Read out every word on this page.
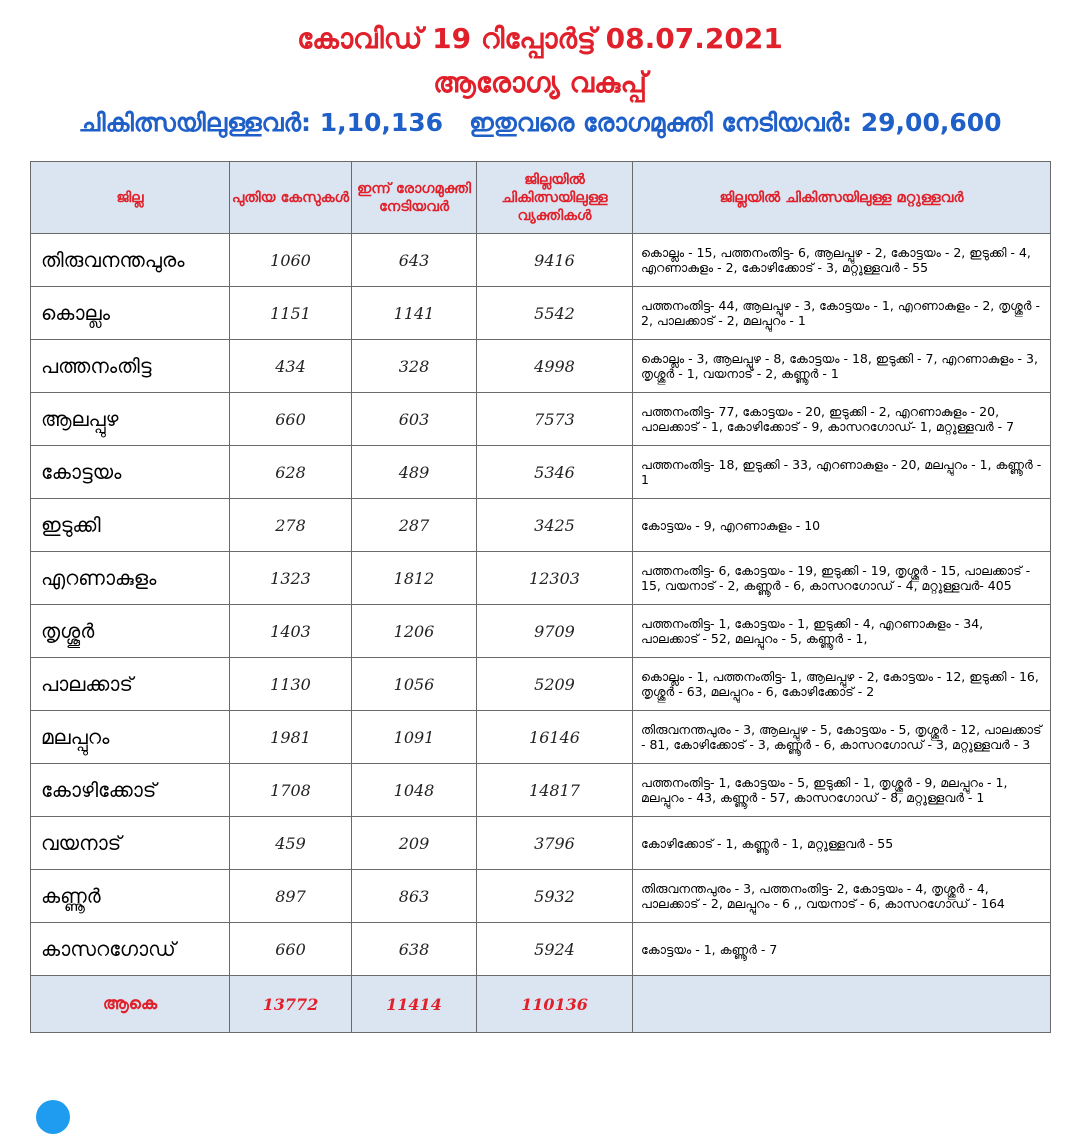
കോവിഡ് 19 റിപ്പോർട്ട് 08.07.2021
ആരോഗ്യ വകുപ്പ്
ചികിത്സയിലുള്ളവർ: 1,10,136 ഇതുവരെ രോഗമുക്തി നേടിയവർ: 29,00,600
ജില്ല	പുതിയ കേസുകൾ	ഇന്ന് രോഗമുക്തി നേടിയവർ	ജില്ലയിൽ ചികിത്സയിലുള്ള വ്യക്തികൾ	ജില്ലയിൽ ചികിത്സയിലുള്ള മറ്റുള്ളവർ
തിരുവനന്തപുരം	1060	643	9416	കൊല്ലം - 15, പത്തനംതിട്ട- 6, ആലപ്പുഴ - 2, കോട്ടയം - 2, ഇടുക്കി - 4, എറണാകുളം - 2, കോഴിക്കോട് - 3, മറ്റുള്ളവർ - 55
കൊല്ലം	1151	1141	5542	പത്തനംതിട്ട- 44, ആലപ്പുഴ - 3, കോട്ടയം - 1, എറണാകുളം - 2, തൃശ്ശൂർ - 2, പാലക്കാട് - 2, മലപ്പുറം - 1
പത്തനംതിട്ട	434	328	4998	കൊല്ലം - 3, ആലപ്പുഴ - 8, കോട്ടയം - 18, ഇടുക്കി - 7, എറണാകുളം - 3, തൃശ്ശൂർ - 1, വയനാട് - 2, കണ്ണൂർ - 1
ആലപ്പുഴ	660	603	7573	പത്തനംതിട്ട- 77, കോട്ടയം - 20, ഇടുക്കി - 2, എറണാകുളം - 20, പാലക്കാട് - 1, കോഴിക്കോട് - 9, കാസറഗോഡ്- 1, മറ്റുള്ളവർ - 7
കോട്ടയം	628	489	5346	പത്തനംതിട്ട- 18, ഇടുക്കി - 33, എറണാകുളം - 20, മലപ്പുറം - 1, കണ്ണൂർ - 1
ഇടുക്കി	278	287	3425	കോട്ടയം - 9, എറണാകുളം - 10
എറണാകുളം	1323	1812	12303	പത്തനംതിട്ട- 6, കോട്ടയം - 19, ഇടുക്കി - 19, തൃശ്ശൂർ - 15, പാലക്കാട് - 15, വയനാട് - 2, കണ്ണൂർ - 6, കാസറഗോഡ് - 4, മറ്റുള്ളവർ- 405
തൃശ്ശൂർ	1403	1206	9709	പത്തനംതിട്ട- 1, കോട്ടയം - 1, ഇടുക്കി - 4, എറണാകുളം - 34, പാലക്കാട് - 52, മലപ്പുറം - 5, കണ്ണൂർ - 1,
പാലക്കാട്	1130	1056	5209	കൊല്ലം - 1, പത്തനംതിട്ട- 1, ആലപ്പുഴ - 2, കോട്ടയം - 12, ഇടുക്കി - 16, തൃശ്ശൂർ - 63, മലപ്പുറം - 6, കോഴിക്കോട് - 2
മലപ്പുറം	1981	1091	16146	തിരുവനന്തപുരം - 3, ആലപ്പുഴ - 5, കോട്ടയം - 5, തൃശ്ശൂർ - 12, പാലക്കാട് - 81, കോഴിക്കോട് - 3, കണ്ണൂർ - 6, കാസറഗോഡ് - 3, മറ്റുള്ളവർ - 3
കോഴിക്കോട്	1708	1048	14817	പത്തനംതിട്ട- 1, കോട്ടയം - 5, ഇടുക്കി - 1, തൃശ്ശൂർ - 9, മലപ്പുറം - 1, മലപ്പുറം - 43, കണ്ണൂർ - 57, കാസറഗോഡ് - 8, മറ്റുള്ളവർ - 1
വയനാട്	459	209	3796	കോഴിക്കോട് - 1, കണ്ണൂർ - 1, മറ്റുള്ളവർ - 55
കണ്ണൂർ	897	863	5932	തിരുവനന്തപുരം - 3, പത്തനംതിട്ട- 2, കോട്ടയം - 4, തൃശ്ശൂർ - 4, പാലക്കാട് - 2, മലപ്പുറം - 6 ,, വയനാട് - 6, കാസറഗോഡ് - 164
കാസറഗോഡ്	660	638	5924	കോട്ടയം - 1, കണ്ണൂർ - 7
ആകെ	13772	11414	110136	
